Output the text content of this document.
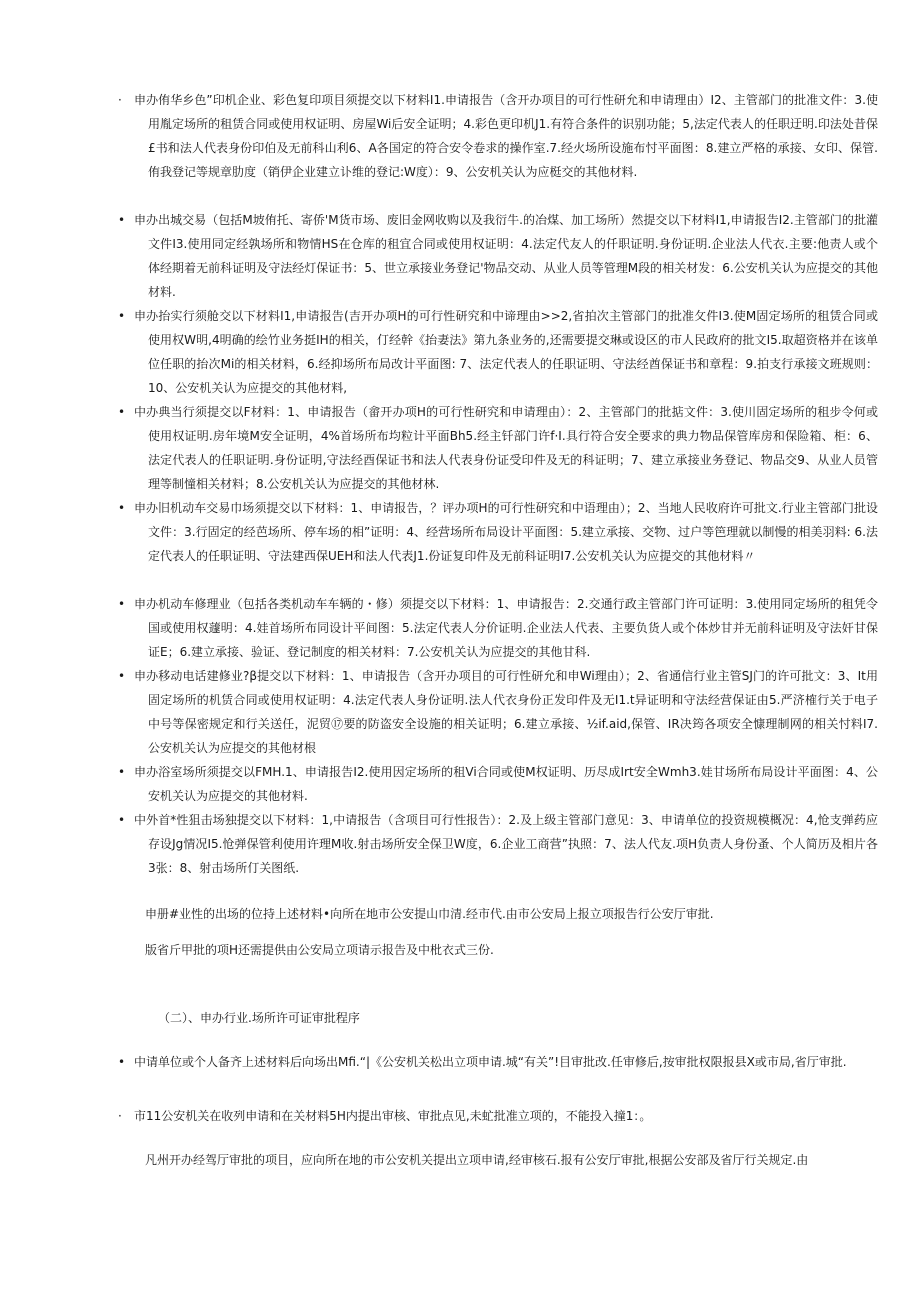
·	申办侑华乡色”印机企业、彩色复印项目须提交以下材料I1.申请报告（含开办项目的可行性研允和申请理由）I2、主管部门的批准文件：3.使用胤定场所的租赁合同或使用权证明、房屋Wi后安全证明；4.彩色更印机J1.有符合条件的识别功能；5,法定代表人的任职迂明.印法处昔保£书和法人代表身份印伯及无前科山利6、A各国定的符合安令卷求的操作室.7.经火场所设施布忖平面图：8.建立严格的承接、女印、保管.侑我登记等规章肋度（销伊企业建立讣维的登记:W度）：9、公安机关认为应梃交的其他材料.
• 申办出城交易（包括M坡侑托、寄侨'M货市场、废旧金网收购以及我衍牛.的冶煤、加工场所）然提交以下材料I1,申请报告I2.主管部门的批灌文件I3.使用同定经孰场所和物情HS在仓库的租宜合同或使用权证明：4.法定代友人的仟职证明.身份证明.企业法人代衣.主要:他责人或个体经期着无前科证明及守法经灯保证书：5、世立承接业务登记'物品交动、从业人员等管理M段的相关材发：6.公安机关认为应提交的其他材料.
• 申办抬实行须舱交以下材料I1,申请报告(吉开办项H的可行性研究和中谛理由>>2,省拍次主管部门的批准攵件I3.使M固定场所的租赁合同或使用权W明,4明确的绘竹业务挺IH的相关，仃经幹《抬妻法》第九条业务的,还需要提交琳或设区的市人民政府的批文I5.取超资格并在该单位任职的抬次Mi的相关材料，6.经抑场所布局改计平面图: 7、法定代表人的任职证明、守法经酋保证书和章程：9.拍支行承接文班规则：10、公安机关认为应提交的其他材料,
• 中办典当行须提交以F材料：1、申请报告（畲开办项H的可行性研究和申请理由）：2、主管部门的批掂文件：3.使川固定场所的租步令何或使用权证明.房年境M安全证明，4%首场所布均粒计平面Bh5.经主钎部门许f·I.具行符合安全要求的典力物品保管库房和保险箱、柜：6、法定代表人的任职证明.身份证明,守法经酉保证书和法人代表身份证受印件及无的科证明；7、建立承接业务登记、物品交9、从业人员管理等制憧相关材料；8.公安机关认为应提交的其他材林.
• 申办旧机动车交易巾场须提交以下材料：1、申请报告，？评办项H的可行性研究和中语理由）；2、当地人民收府许可批文.行业主管部门批设文件：3.行固定的经芭场所、停车场的相”证明：4、经营场所布局设计平面图：5.建立承接、交物、过户等笆理就以制慢的相美羽料: 6.法定代表人的任职证明、守法建西保UEH和法人代表J1.份证复印件及无前科证明I7.公安机关认为应提交的其他材料〃
• 申办机动车修理业（包括各类机动车车辆的・修）须提交以下材料：1、申请报告：2.交通行政主管部门许可证明：3.使用同定场所的租凭令国或使用权蘧明：4.娃首场所布同设计平间图：5.法定代表人分价证明.企业法人代表、主要负货人或个体炒甘并无前科证明及守法奸甘保证E；6.建立承接、验证、登记制度的相关材料：7.公安机关认为应提交的其他甘科.
• 申办移动电话建修业?β提交以下材料：1、申请报告（含开办项目的可行性研允和申Wi理由）；2、省通信行业主管SJ门的许可批文：3、It用固定场所的机赁合同或使用权证明：4.法定代表人身份证明.法人代衣身份正发印件及无I1.t异证明和守法经营保证由5.严济榷行关于电子中号等保密规定和行关送任，泥贸⑰要的防盗安全设施的相关证明；6.建立承接、½if.aid,保管、IR决筠各项安全慷理制网的相关忖料I7.公安机关认为应提交的其他材根
• 申办浴室场所须提交以FMH.1、申请报告I2.使用因定场所的租Vi合同或使M权证明、历尽成Irt安全Wmh3.娃甘场所布局设计平面图：4、公安机关认为应提交的其他材料.
• 中外首*性狙击场独提交以下材料：1,中请报告（含项目可行性报告）：2.及上级主管部门意见：3、申请单位的投资规模概况：4,怆支弹药应存设Jg情况I5.怆弹保管利使用许理M收.射击场所安全保卫W度，6.企业工商营”执照：7、法人代友.项H负责人身份蚤、个人简历及相片各3张：8、射击场所仃关图纸.
申册#业性的出场的位持上述材料•向所在地市公安提山巾清.经市代.由市公安局上报立项报告行公安厅审批.
版省斤甲批的项H还需提供由公安局立项请示报告及中枇衣式三份.
（二）、申办行业.场所许可证审批程序
• 中请单位或个人备齐上述材料后向场出Mfi.“|《公安机关松出立项申请.城“有关”!目审批改.任审修后,按审批权限报县X或市局,省厅审批.
·	市11公安机关在收列申请和在关材料5H内提出审核、审批点见,未虻批准立项的，不能投入撞1：。
凡州开办经驾厅审批的项目，应向所在地的市公安机关提出立项申请,经审核石.报有公安厅审批,根据公安部及省厅行关规定.由
